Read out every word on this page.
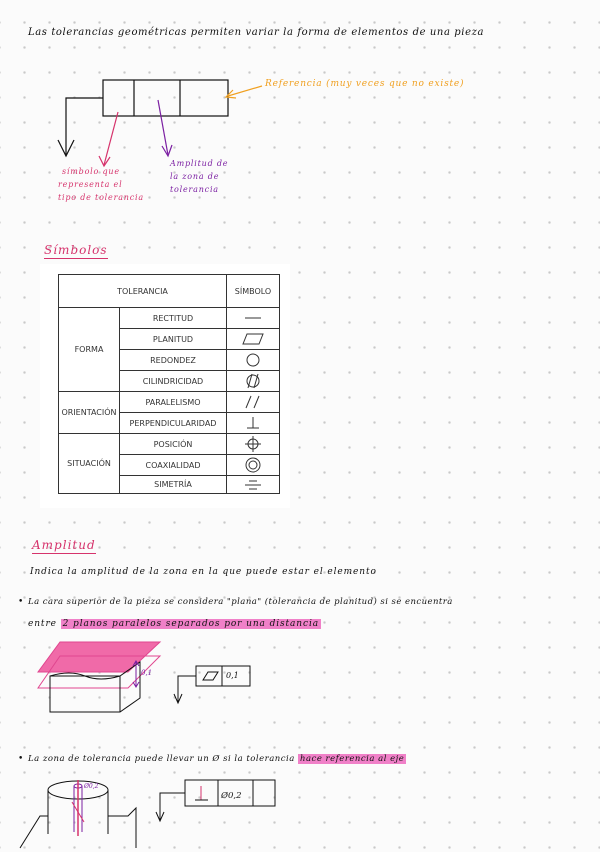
Las tolerancias geométricas permiten variar la forma de elementos de una pieza
Referencia (muy veces que no existe)
símbolo que
representa el
tipo de tolerancia
Amplitud de
la zona de
tolerancia
Símbolos
TOLERANCIA		SÍMBOLO
FORMA	RECTITUD	

	PLANITUD	

	REDONDEZ	

	CILINDRICIDAD	

ORIENTACIÓN	PARALELISMO	

	PERPENDICULARIDAD	

SITUACIÓN	POSICIÓN	

	COAXIALIDAD	

	SIMETRÍA	
Amplitud
Indica la amplitud de la zona en la que puede estar el elemento
• La cara superior de la pieza se considera "plana" (tolerancia de planitud) si se encuentra
entre 2 planos paralelos separados por una distancia
0,1	0,1
• La zona de tolerancia puede llevar un Ø si la tolerancia hace referencia al eje
Ø0,2
Ø0,2
